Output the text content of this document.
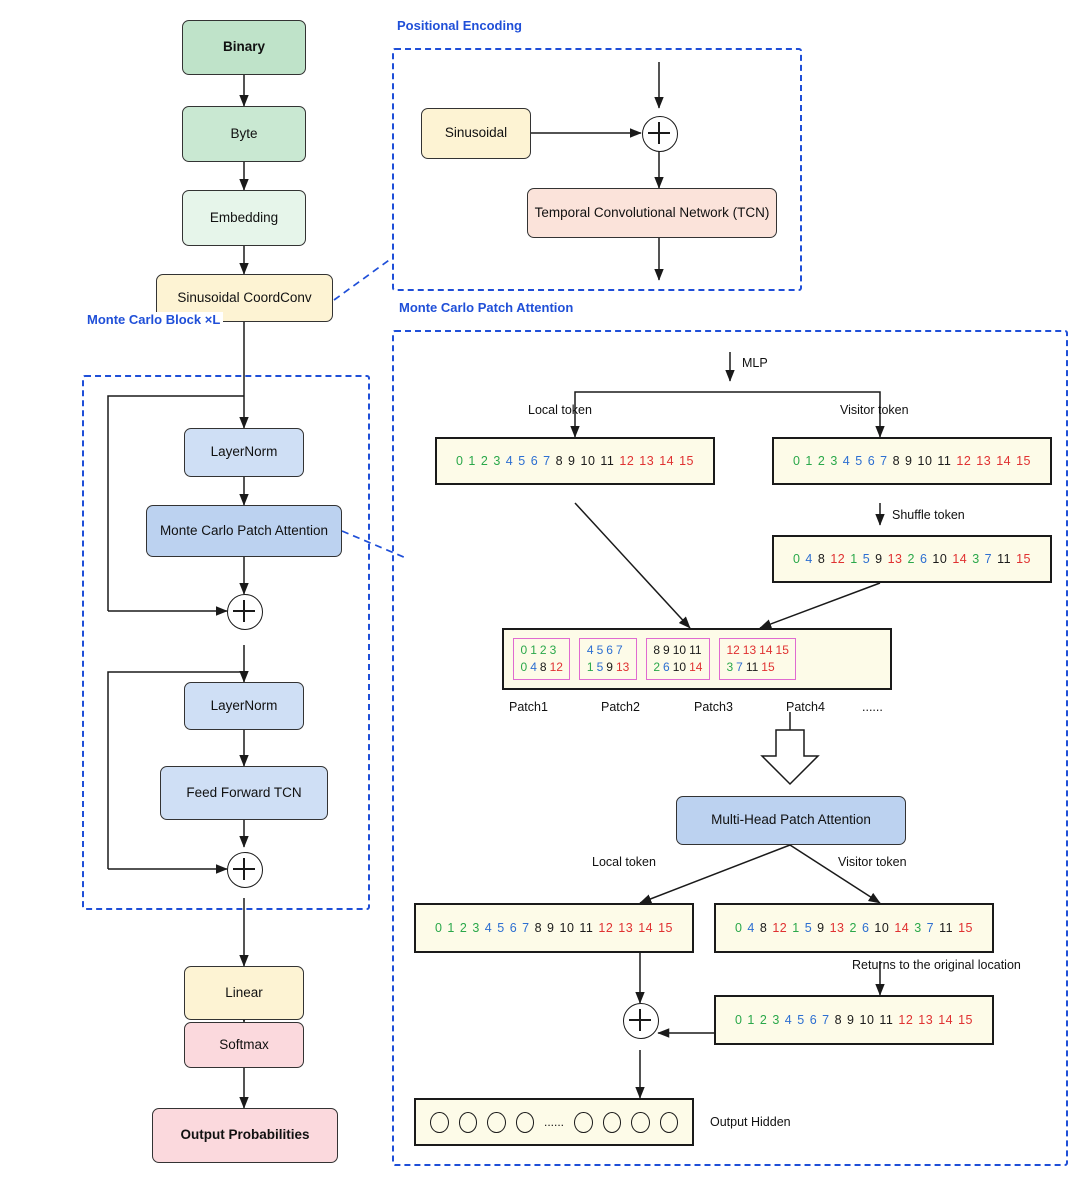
Binary
Byte
Embedding
Sinusoidal CoordConv
Monte Carlo Block ×L
LayerNorm
Monte Carlo Patch Attention
LayerNorm
Feed Forward TCN
Linear
Softmax
Output Probabilities
Positional Encoding
Sinusoidal
Temporal Convolutional Network (TCN)
Monte Carlo Patch Attention
MLP
Local token	Visitor token
0 1 2 3 4 5 6 7 8 9 10 11 12 13 14 15	0 1 2 3 4 5 6 7 8 9 10 11 12 13 14 15
Shuffle token
0 4 8 12 1 5 9 13 2 6 10 14 3 7 11 15
0 1 2 3
0 4 8 12
4 5 6 7
1 5 9 13
8 9 10 11
2 6 10 14
12 13 14 15
3 7 11 15
Patch1	Patch2	Patch3	Patch4	......
Multi-Head Patch Attention
Local token	Visitor token
0 1 2 3 4 5 6 7 8 9 10 11 12 13 14 15	0 4 8 12 1 5 9 13 2 6 10 14 3 7 11 15
Returns to the original location
0 1 2 3 4 5 6 7 8 9 10 11 12 13 14 15
......	Output Hidden
